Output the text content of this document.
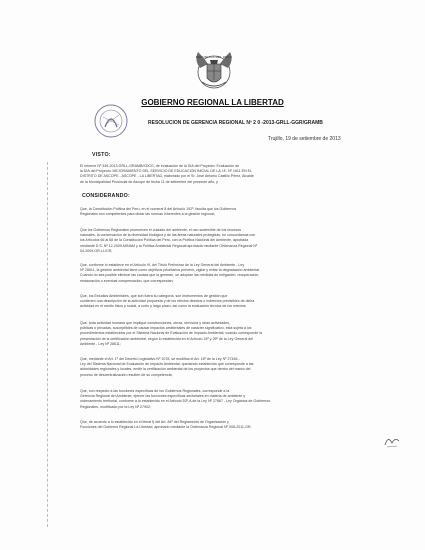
REPUBLICA DEL PERU
GOBIERNO REGIONAL LA LIBERTAD
RESOLUCION DE GERENCIA REGIONAL Nº 2 0 -2013-GRLL-GGR/GRAMB
Trujillo, 19 de setiembre de 2013
VISTO:
El Informe Nº 349-2013-GRLL-GRAMB/SDCG, de evaluación de la DIA del Proyecto: Evaluación de
la DIA del Proyecto: MEJORAMIENTO DEL SERVICIO DE EDUCACION INICIAL DE LA I.E. Nº 1611 EN EL
DISTRITO DE ASCOPE - ASCOPE - LA LIBERTAD, elaborado por el Sr. José Antonio Castillo Pérez, Alcalde
de la Municipalidad Provincial de Ascope de fecha 11 de setiembre del presente año, y
CONSIDERANDO:
Que, la Constitución Política del Perú, en el numeral 8 del Artículo 192º, faculta que los Gobiernos
Regionales son competentes para dictar las normas inherentes a la gestión regional;
Que los Gobiernos Regionales promueven el cuidado del ambiente, el uso sostenible de los recursos
naturales, la conservación de la diversidad biológica y de las áreas naturales protegidas, en concordancia con
los Artículos 66 al 68 de la Constitución Política del Perú, con la Política Nacional del Ambiente, aprobada
mediante D.S. Nº 12-2009-MINAM y la Política Ambiental Regional aprobada mediante Ordenanza Regional Nº
04-2009-GR-LL/CR;
Que, conforme lo establece en el Artículo VI, del Título Preliminar de la Ley General del Ambiente - Ley
Nº 28611, la gestión ambiental tiene como objetivos prioritarios prevenir, vigilar y evitar la degradación ambiental.
Cuando no sea posible eliminar las causas que la generan, se adoptan las medidas de mitigación, recuperación,
restauración o eventual compensación, que correspondan;
Que, los Estudios Ambientales, que son fuera su categoría, son instrumentos de gestión que
contienen una descripción de la actividad propuesta y de los efectos directos o indirectos previsibles de dicha
actividad en el medio físico y social, a corto y largo plazo; así como la evaluación técnica de los mismos;
Que, toda actividad humana que implique construcciones, obras, servicios y otras actividades,
públicas o privadas, susceptibles de causar impactos ambientales de carácter significativo, está sujeta a los
procedimientos establecidos por el Sistema Nacional de Evaluación de Impacto Ambiental, cuando corresponde la
presentación de la certificación ambiental, según lo establecido en el Artículo 24º y 25º de la Ley General del
Ambiente - Ley Nº 28611;
Que, mediante el Art. 1º del Decreto Legislativo Nº 1078, se modifica el Art. 16º de la Ley Nº 27446 -
Ley del Sistema Nacional de Evaluación de Impacto Ambiental, quedando establecido que corresponde a las
autoridades regionales y locales, emitir la certificación ambiental de los proyectos que dentro del marco del
proceso de descentralización resulten de su competencia;
Que, con respecto a las funciones específicas de los Gobiernos Regionales, corresponde a la
Gerencia Regional del Ambiente, ejercer las funciones específicas sectoriales en materia de ambiente y
ordenamiento territorial, conforme a lo establecido en el Artículo 53º-A de la Ley Nº 27867 - Ley Orgánica de Gobiernos
Regionales, modificado por la Ley Nº 27902;
Que, de acuerdo a lo establecido en el literal f) del Art. 84º del Reglamento de Organización y
Funciones del Gobierno Regional La Libertad, aprobado mediante la Ordenanza Regional Nº 008-2011-GR-
